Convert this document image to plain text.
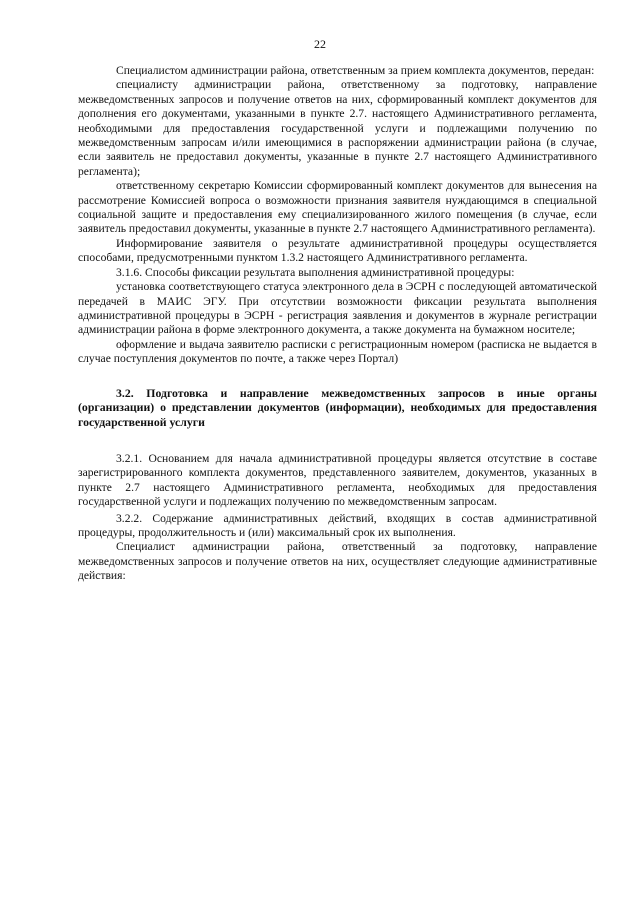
22

Специалистом администрации района, ответственным за прием комплекта документов, передан:

специалисту администрации района, ответственному за подготовку, направление межведомственных запросов и получение ответов на них, сформированный комплект документов для дополнения его документами, указанными в пункте 2.7. настоящего Административного регламента, необходимыми для предоставления государственной услуги и подлежащими получению по межведомственным запросам и/или имеющимися в распоряжении администрации района (в случае, если заявитель не предоставил документы, указанные в пункте 2.7 настоящего Административного регламента);

ответственному секретарю Комиссии сформированный комплект документов для вынесения на рассмотрение Комиссией вопроса о возможности признания заявителя нуждающимся в специальной социальной защите и предоставления ему специализированного жилого помещения (в случае, если заявитель предоставил документы, указанные в пункте 2.7 настоящего Административного регламента).

Информирование заявителя о результате административной процедуры осуществляется способами, предусмотренными пунктом 1.3.2 настоящего Административного регламента.

3.1.6. Способы фиксации результата выполнения административной процедуры:

установка соответствующего статуса электронного дела в ЭСРН с последующей автоматической передачей в МАИС ЭГУ. При отсутствии возможности фиксации результата выполнения административной процедуры в ЭСРН - регистрация заявления и документов в журнале регистрации администрации района в форме электронного документа, а также документа на бумажном носителе;

оформление и выдача заявителю расписки с регистрационным номером (расписка не выдается в случае поступления документов по почте, а также через Портал)

3.2. Подготовка и направление межведомственных запросов в иные органы (организации) о представлении документов (информации), необходимых для предоставления государственной услуги

3.2.1. Основанием для начала административной процедуры является отсутствие в составе зарегистрированного комплекта документов, представленного заявителем, документов, указанных в пункте 2.7 настоящего Административного регламента, необходимых для предоставления государственной услуги и подлежащих получению по межведомственным запросам.

3.2.2. Содержание административных действий, входящих в состав административной процедуры, продолжительность и (или) максимальный срок их выполнения.

Специалист администрации района, ответственный за подготовку, направление межведомственных запросов и получение ответов на них, осуществляет следующие административные действия:
